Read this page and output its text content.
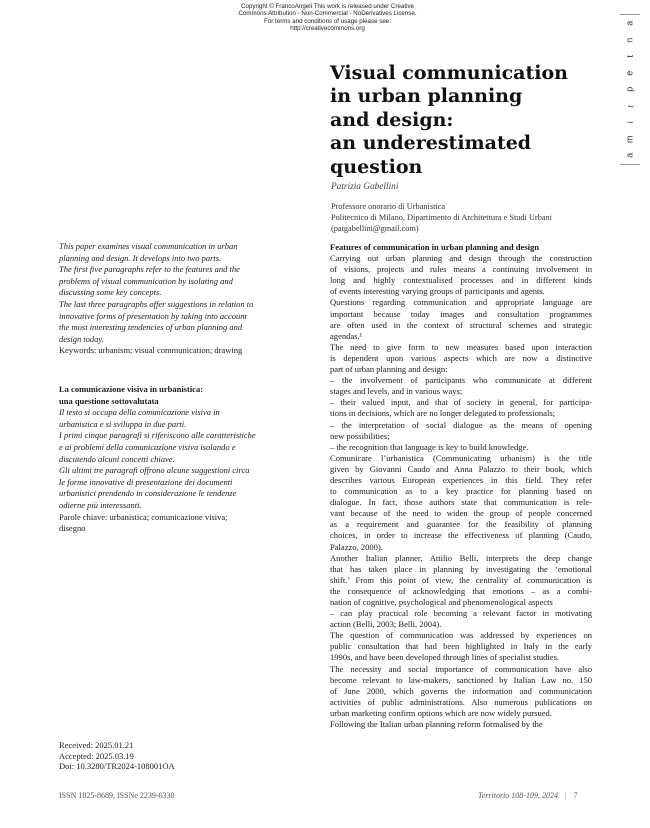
Copyright © FrancoAngeli This work is released under Creative
Commons Attribution - Non-Commercial - NoDerivatives License.
For terms and conditions of usage please see:
http://creativecommons.org
a
n
t
e
p
r
i
m
a
Visual communication
in urban planning
and design:
an underestimated
question
Patrizia Gabellini
Professore onorario di Urbanistica
Politecnico di Milano, Dipartimento di Architettura e Studi Urbani
(patgabellini@gmail.com)
This paper examines visual communication in urban
planning and design. It develops into two parts.
The first five paragraphs refer to the features and the
problems of visual communication by isolating and
discussing some key concepts.
The last three paragraphs offer suggestions in relation to
innovative forms of presentation by taking into account
the most interesting tendencies of urban planning and
design today.
Keywords: urbanism; visual communication; drawing
La comunicazione visiva in urbanistica:
una questione sottovalutata
Il testo si occupa della comunicazione visiva in
urbanistica e si sviluppa in due parti.
I primi cinque paragrafi si riferiscono alle caratteristiche
e ai problemi della comunicazione visiva isolando e
discutendo alcuni concetti chiave.
Gli ultimi tre paragrafi offrono alcune suggestioni circa
le forme innovative di presentazione dei documenti
urbanistici prendendo in considerazione le tendenze
odierne più interessanti.
Parole chiave: urbanistica; comunicazione visiva;
disegno
Received: 2025.01.21
Accepted: 2025.03.19
Doi: 10.3280/TR2024-108001OA
Features of communication in urban planning and design
Carrying out urban planning and design through the construction
of visions, projects and rules means a continuing involvement in
long and highly contextualised processes and in different kinds
of events interesting varying groups of participants and agents.
Questions regarding communication and appropriate language are
important because today images and consultation programmes
are often used in the context of structural schemes and strategic
agendas.¹
The need to give form to new measures based upon interaction
is dependent upon various aspects which are now a distinctive
part of urban planning and design:
– the involvement of participants who communicate at different
stages and levels, and in various ways;
– their valued input, and that of society in general, for participa-
tions in decisions, which are no longer delegated to professionals;
– the interpretation of social dialogue as the means of opening
new possibilities;
– the recognition that language is key to build knowledge.
Comunicare l’urbanistica (Communicating urbanism) is the title
given by Giovanni Caudo and Anna Palazzo to their book, which
describes various European experiences in this field. They refer
to communication as to a key practice for planning based on
dialogue. In fact, those authors state that communication is rele-
vant because of the need to widen the group of people concerned
as a requirement and guarantee for the feasibility of planning
choices, in order to increase the effectiveness of planning (Caudo,
Palazzo, 2000).
Another Italian planner, Attilio Belli, interprets the deep change
that has taken place in planning by investigating the ‘emotional
shift.’ From this point of view, the centrality of communication is
the consequence of acknowledging that emotions – as a combi-
nation of cognitive, psychological and phenomenological aspects
– can play practical role becoming a relevant factor in motivating
action (Belli, 2003; Belli, 2004).
The question of communication was addressed by experiences on
public consultation that had been highlighted in Italy in the early
1990s, and have been developed through lines of specialist studies.
The necessity and social importance of communication have also
become relevant to law-makers, sanctioned by Italian Law no. 150
of June 2000, which governs the information and communication
activities of public administrations. Also numerous publications on
urban marketing confirm options which are now widely pursued.
Following the Italian urban planning reform formalised by the
ISSN 1825-8689, ISSNe 2239-6330	Territorio 108-109, 2024 | 7
